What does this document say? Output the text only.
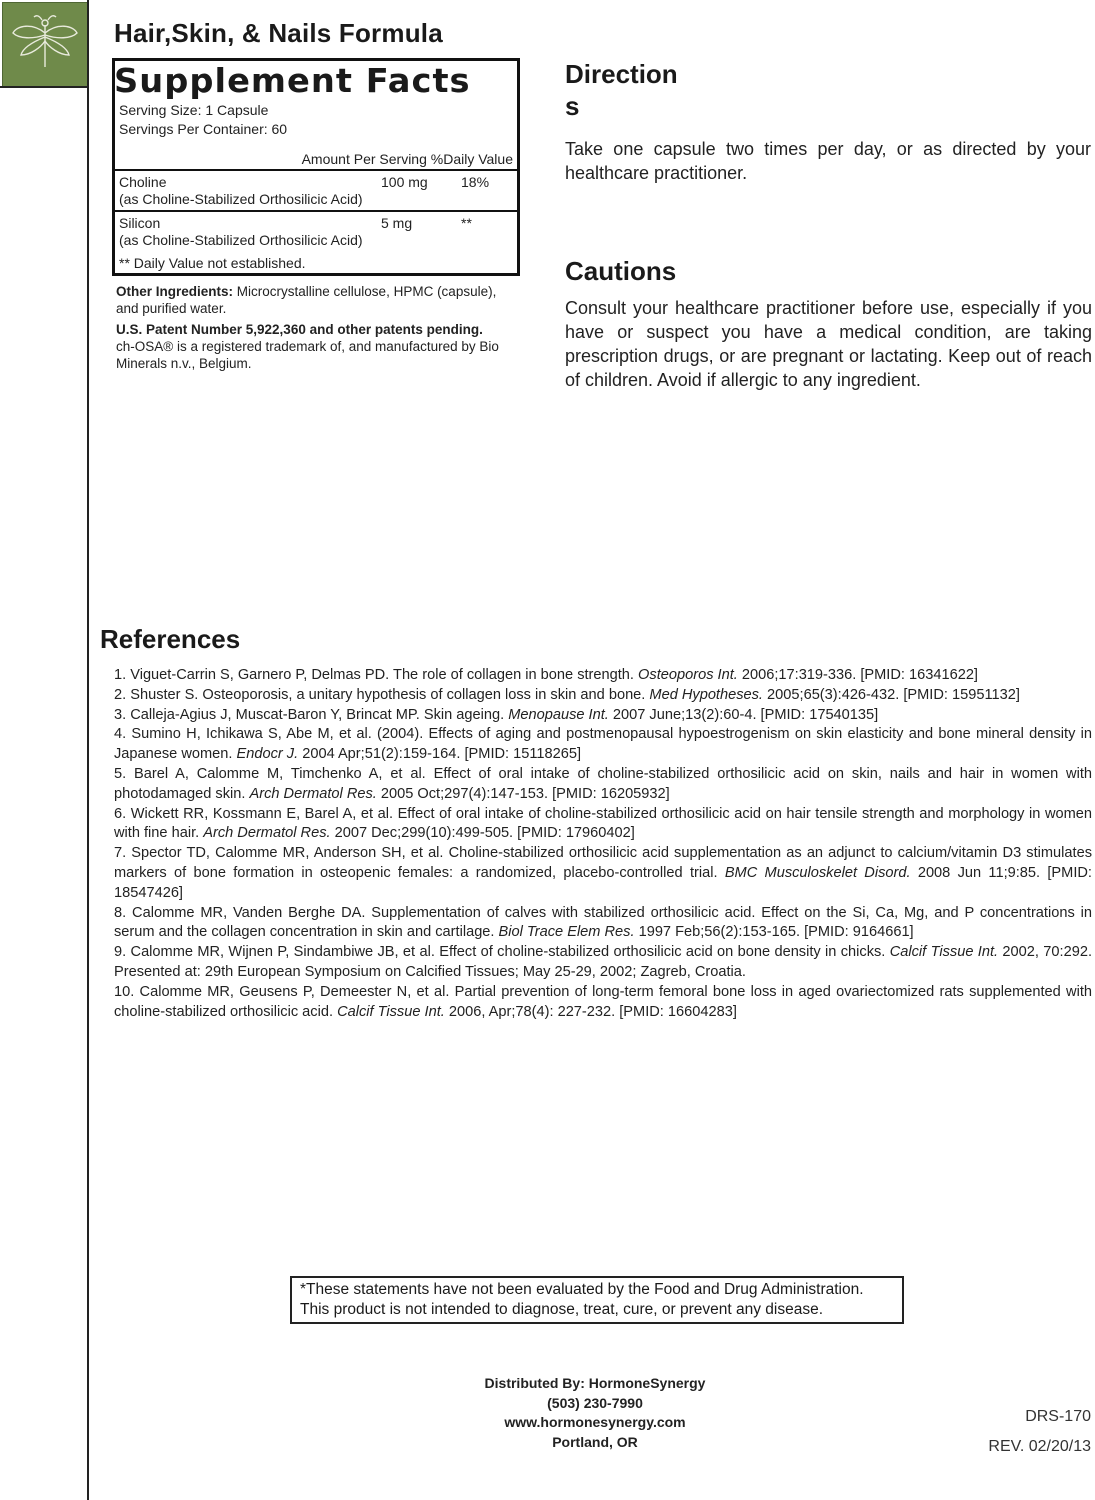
Hair,Skin, & Nails Formula
Supplement Facts
Serving Size: 1 Capsule
Servings Per Container: 60
Amount Per Serving %Daily Value
Choline
(as Choline-Stabilized Orthosilicic Acid)
100 mg	18%
Silicon
(as Choline-Stabilized Orthosilicic Acid)
5 mg	**
** Daily Value not established.

Other Ingredients: Microcrystalline cellulose, HPMC (capsule), and purified water.

U.S. Patent Number 5,922,360 and other patents pending.

ch-OSA® is a registered trademark of, and manufactured by Bio Minerals n.v., Belgium.

Direction
s

Take one capsule two times per day, or as directed by your healthcare practitioner.

Cautions

Consult your healthcare practitioner before use, especially if you have or suspect you have a medical condition, are taking prescription drugs, or are pregnant or lactating. Keep out of reach of children. Avoid if allergic to any ingredient.

References

1. Viguet-Carrin S, Garnero P, Delmas PD. The role of collagen in bone strength. Osteoporos Int. 2006;17:319-336. [PMID: 16341622]

2. Shuster S. Osteoporosis, a unitary hypothesis of collagen loss in skin and bone. Med Hypotheses. 2005;65(3):426-432. [PMID: 15951132]

3. Calleja-Agius J, Muscat-Baron Y, Brincat MP. Skin ageing. Menopause Int. 2007 June;13(2):60-4. [PMID: 17540135]

4. Sumino H, Ichikawa S, Abe M, et al. (2004). Effects of aging and postmenopausal hypoestrogenism on skin elasticity and bone mineral density in Japanese women. Endocr J. 2004 Apr;51(2):159-164. [PMID: 15118265]

5. Barel A, Calomme M, Timchenko A, et al. Effect of oral intake of choline-stabilized orthosilicic acid on skin, nails and hair in women with photodamaged skin. Arch Dermatol Res. 2005 Oct;297(4):147-153. [PMID: 16205932]

6. Wickett RR, Kossmann E, Barel A, et al. Effect of oral intake of choline-stabilized orthosilicic acid on hair tensile strength and morphology in women with fine hair. Arch Dermatol Res. 2007 Dec;299(10):499-505. [PMID: 17960402]

7. Spector TD, Calomme MR, Anderson SH, et al. Choline-stabilized orthosilicic acid supplementation as an adjunct to calcium/vitamin D3 stimulates markers of bone formation in osteopenic females: a randomized, placebo-controlled trial. BMC Musculoskelet Disord. 2008 Jun 11;9:85. [PMID: 18547426]

8. Calomme MR, Vanden Berghe DA. Supplementation of calves with stabilized orthosilicic acid. Effect on the Si, Ca, Mg, and P concentrations in serum and the collagen concentration in skin and cartilage. Biol Trace Elem Res. 1997 Feb;56(2):153-165. [PMID: 9164661]

9. Calomme MR, Wijnen P, Sindambiwe JB, et al. Effect of choline-stabilized orthosilicic acid on bone density in chicks. Calcif Tissue Int. 2002, 70:292. Presented at: 29th European Symposium on Calcified Tissues; May 25-29, 2002; Zagreb, Croatia.

10. Calomme MR, Geusens P, Demeester N, et al. Partial prevention of long-term femoral bone loss in aged ovariectomized rats supplemented with choline-stabilized orthosilicic acid. Calcif Tissue Int. 2006, Apr;78(4): 227-232. [PMID: 16604283]

*These statements have not been evaluated by the Food and Drug Administration.
This product is not intended to diagnose, treat, cure, or prevent any disease.
Distributed By: HormoneSynergy
(503) 230-7990
www.hormonesynergy.com
Portland, OR
DRS-170
REV. 02/20/13
